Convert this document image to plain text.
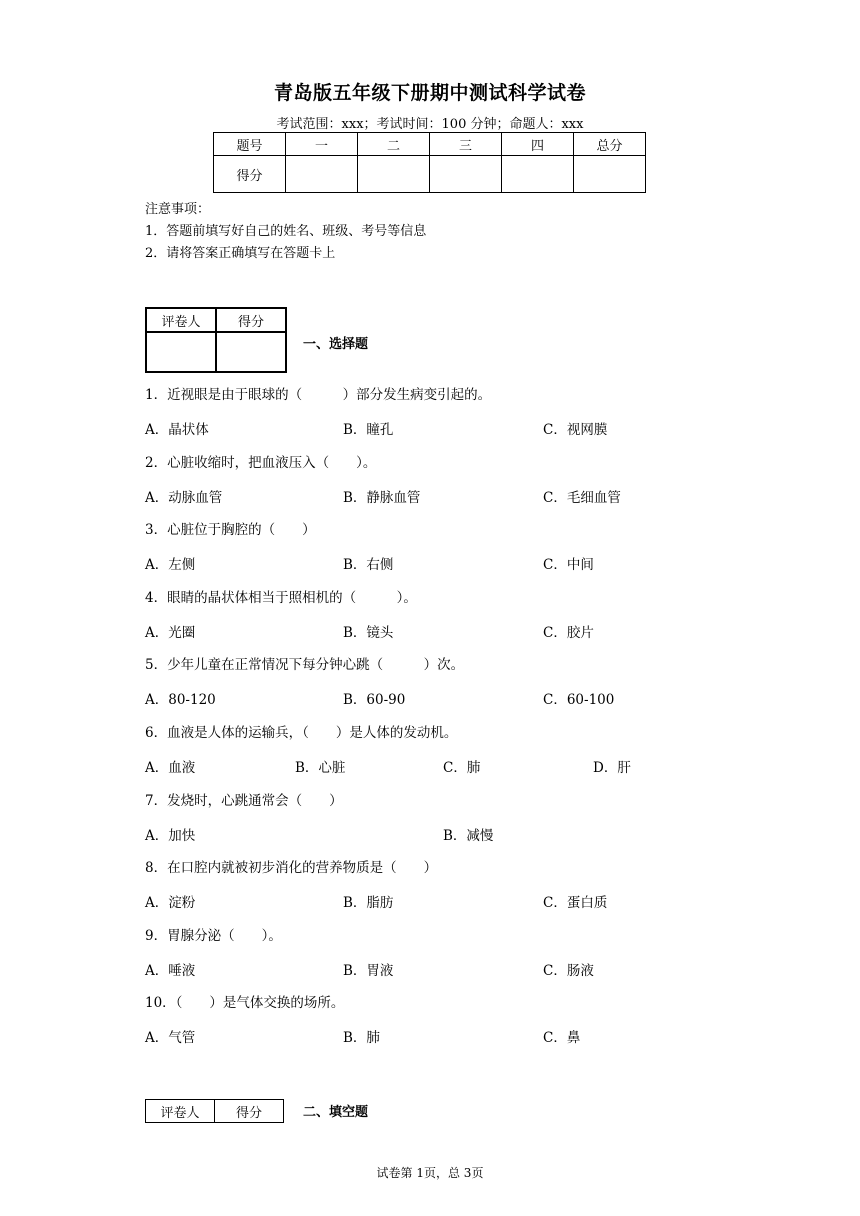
青岛版五年级下册期中测试科学试卷
考试范围：xxx；考试时间：100 分钟；命题人：xxx
题号	一	二	三	四	总分
得分					
注意事项：
1．答题前填写好自己的姓名、班级、考号等信息
2．请将答案正确填写在答题卡上
评卷人	得分

一、选择题
1．近视眼是由于眼球的（　　　）部分发生病变引起的。
A．晶状体	B．瞳孔	C．视网膜
2．心脏收缩时，把血液压入（　　）。
A．动脉血管	B．静脉血管	C．毛细血管
3．心脏位于胸腔的（　　）
A．左侧	B．右侧	C．中间
4．眼睛的晶状体相当于照相机的（　　　）。
A．光圈	B．镜头	C．胶片
5．少年儿童在正常情况下每分钟心跳（　　　）次。
A．80-120	B．60-90	C．60-100
6．血液是人体的运输兵，（　　）是人体的发动机。
A．血液	B．心脏	C．肺	D．肝
7．发烧时，心跳通常会（　　）
A．加快	B．减慢
8．在口腔内就被初步消化的营养物质是（　　）
A．淀粉	B．脂肪	C．蛋白质
9．胃腺分泌（　　）。
A．唾液	B．胃液	C．肠液
10．（　　）是气体交换的场所。
A．气管	B．肺	C．鼻
评卷人	得分	二、填空题
试卷第 1页，总 3页
